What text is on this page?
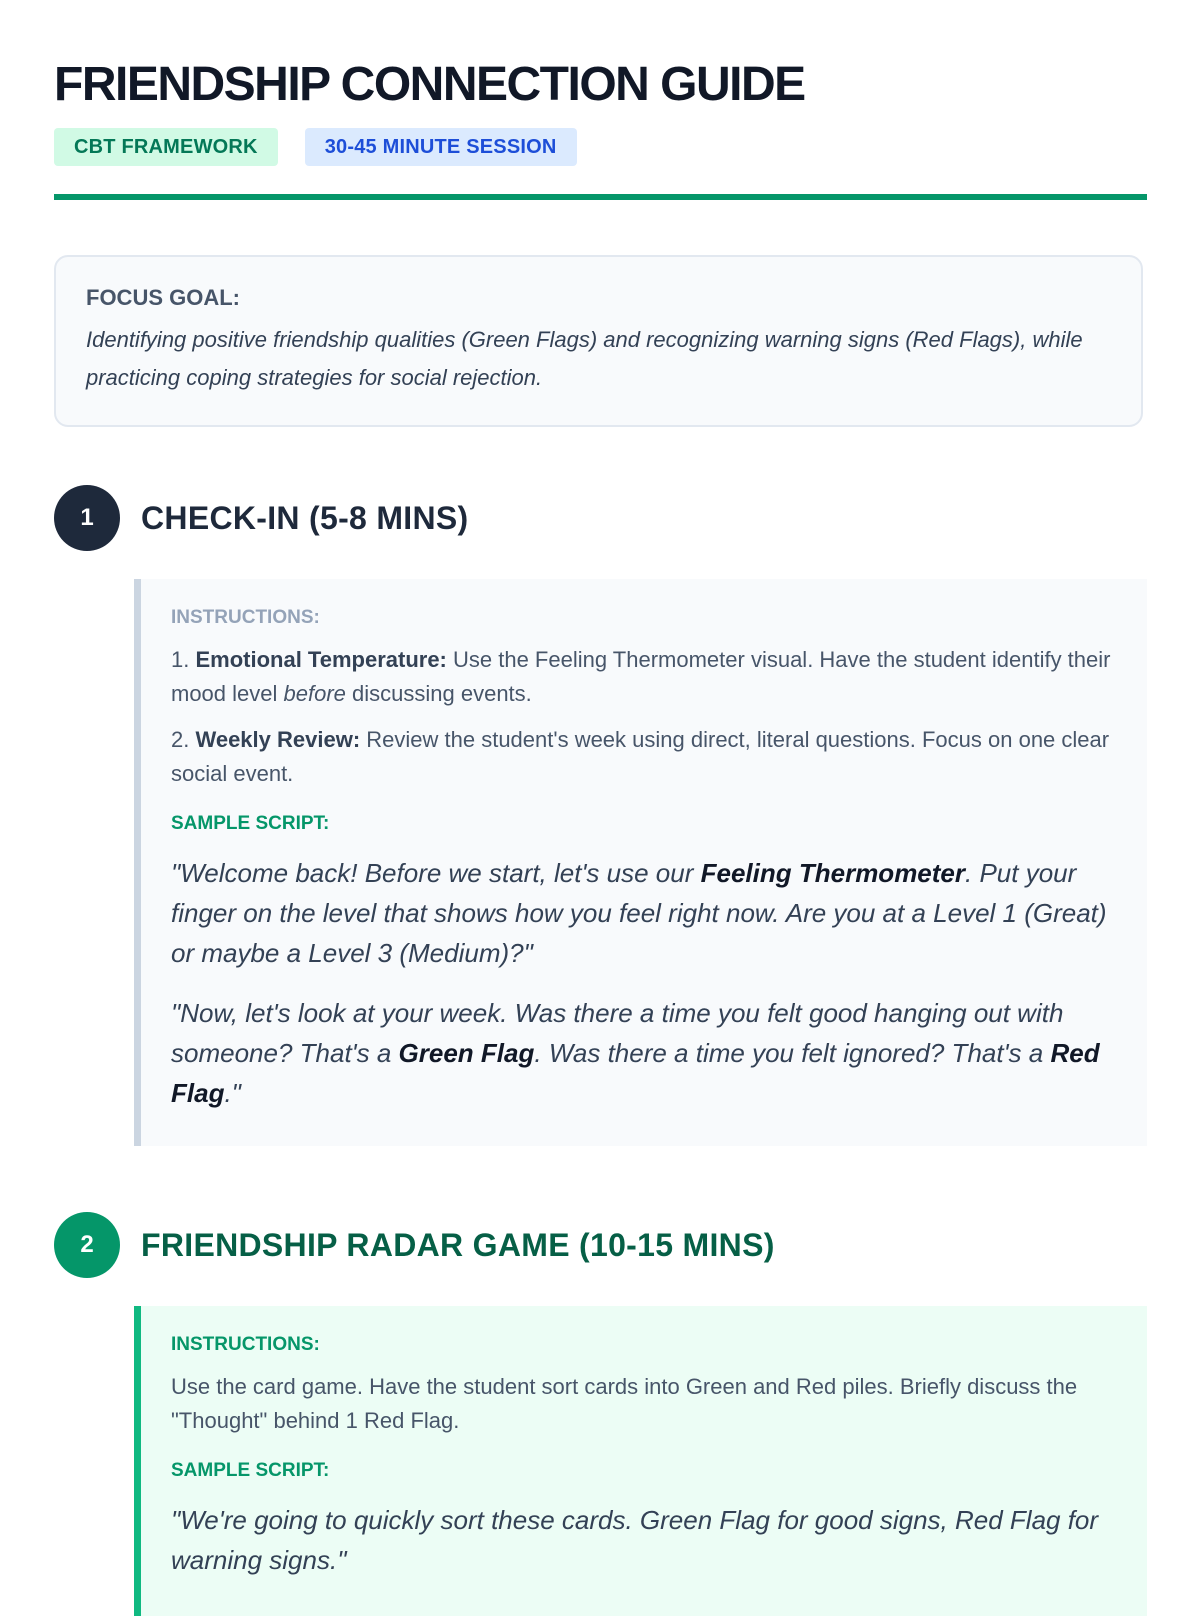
FRIENDSHIP CONNECTION GUIDE
CBT FRAMEWORK	30-45 MINUTE SESSION
FOCUS GOAL:
Identifying positive friendship qualities (Green Flags) and recognizing warning signs (Red Flags), while practicing coping strategies for social rejection.
1	CHECK-IN (5-8 MINS)
INSTRUCTIONS:

1. Emotional Temperature: Use the Feeling Thermometer visual. Have the student identify their mood level before discussing events.

2. Weekly Review: Review the student's week using direct, literal questions. Focus on one clear social event.

SAMPLE SCRIPT:

"Welcome back! Before we start, let's use our Feeling Thermometer. Put your finger on the level that shows how you feel right now. Are you at a Level 1 (Great) or maybe a Level 3 (Medium)?"

"Now, let's look at your week. Was there a time you felt good hanging out with someone? That's a Green Flag. Was there a time you felt ignored? That's a Red Flag."

2	FRIENDSHIP RADAR GAME (10-15 MINS)
INSTRUCTIONS:

Use the card game. Have the student sort cards into Green and Red piles. Briefly discuss the "Thought" behind 1 Red Flag.

SAMPLE SCRIPT:

"We're going to quickly sort these cards. Green Flag for good signs, Red Flag for warning signs."
